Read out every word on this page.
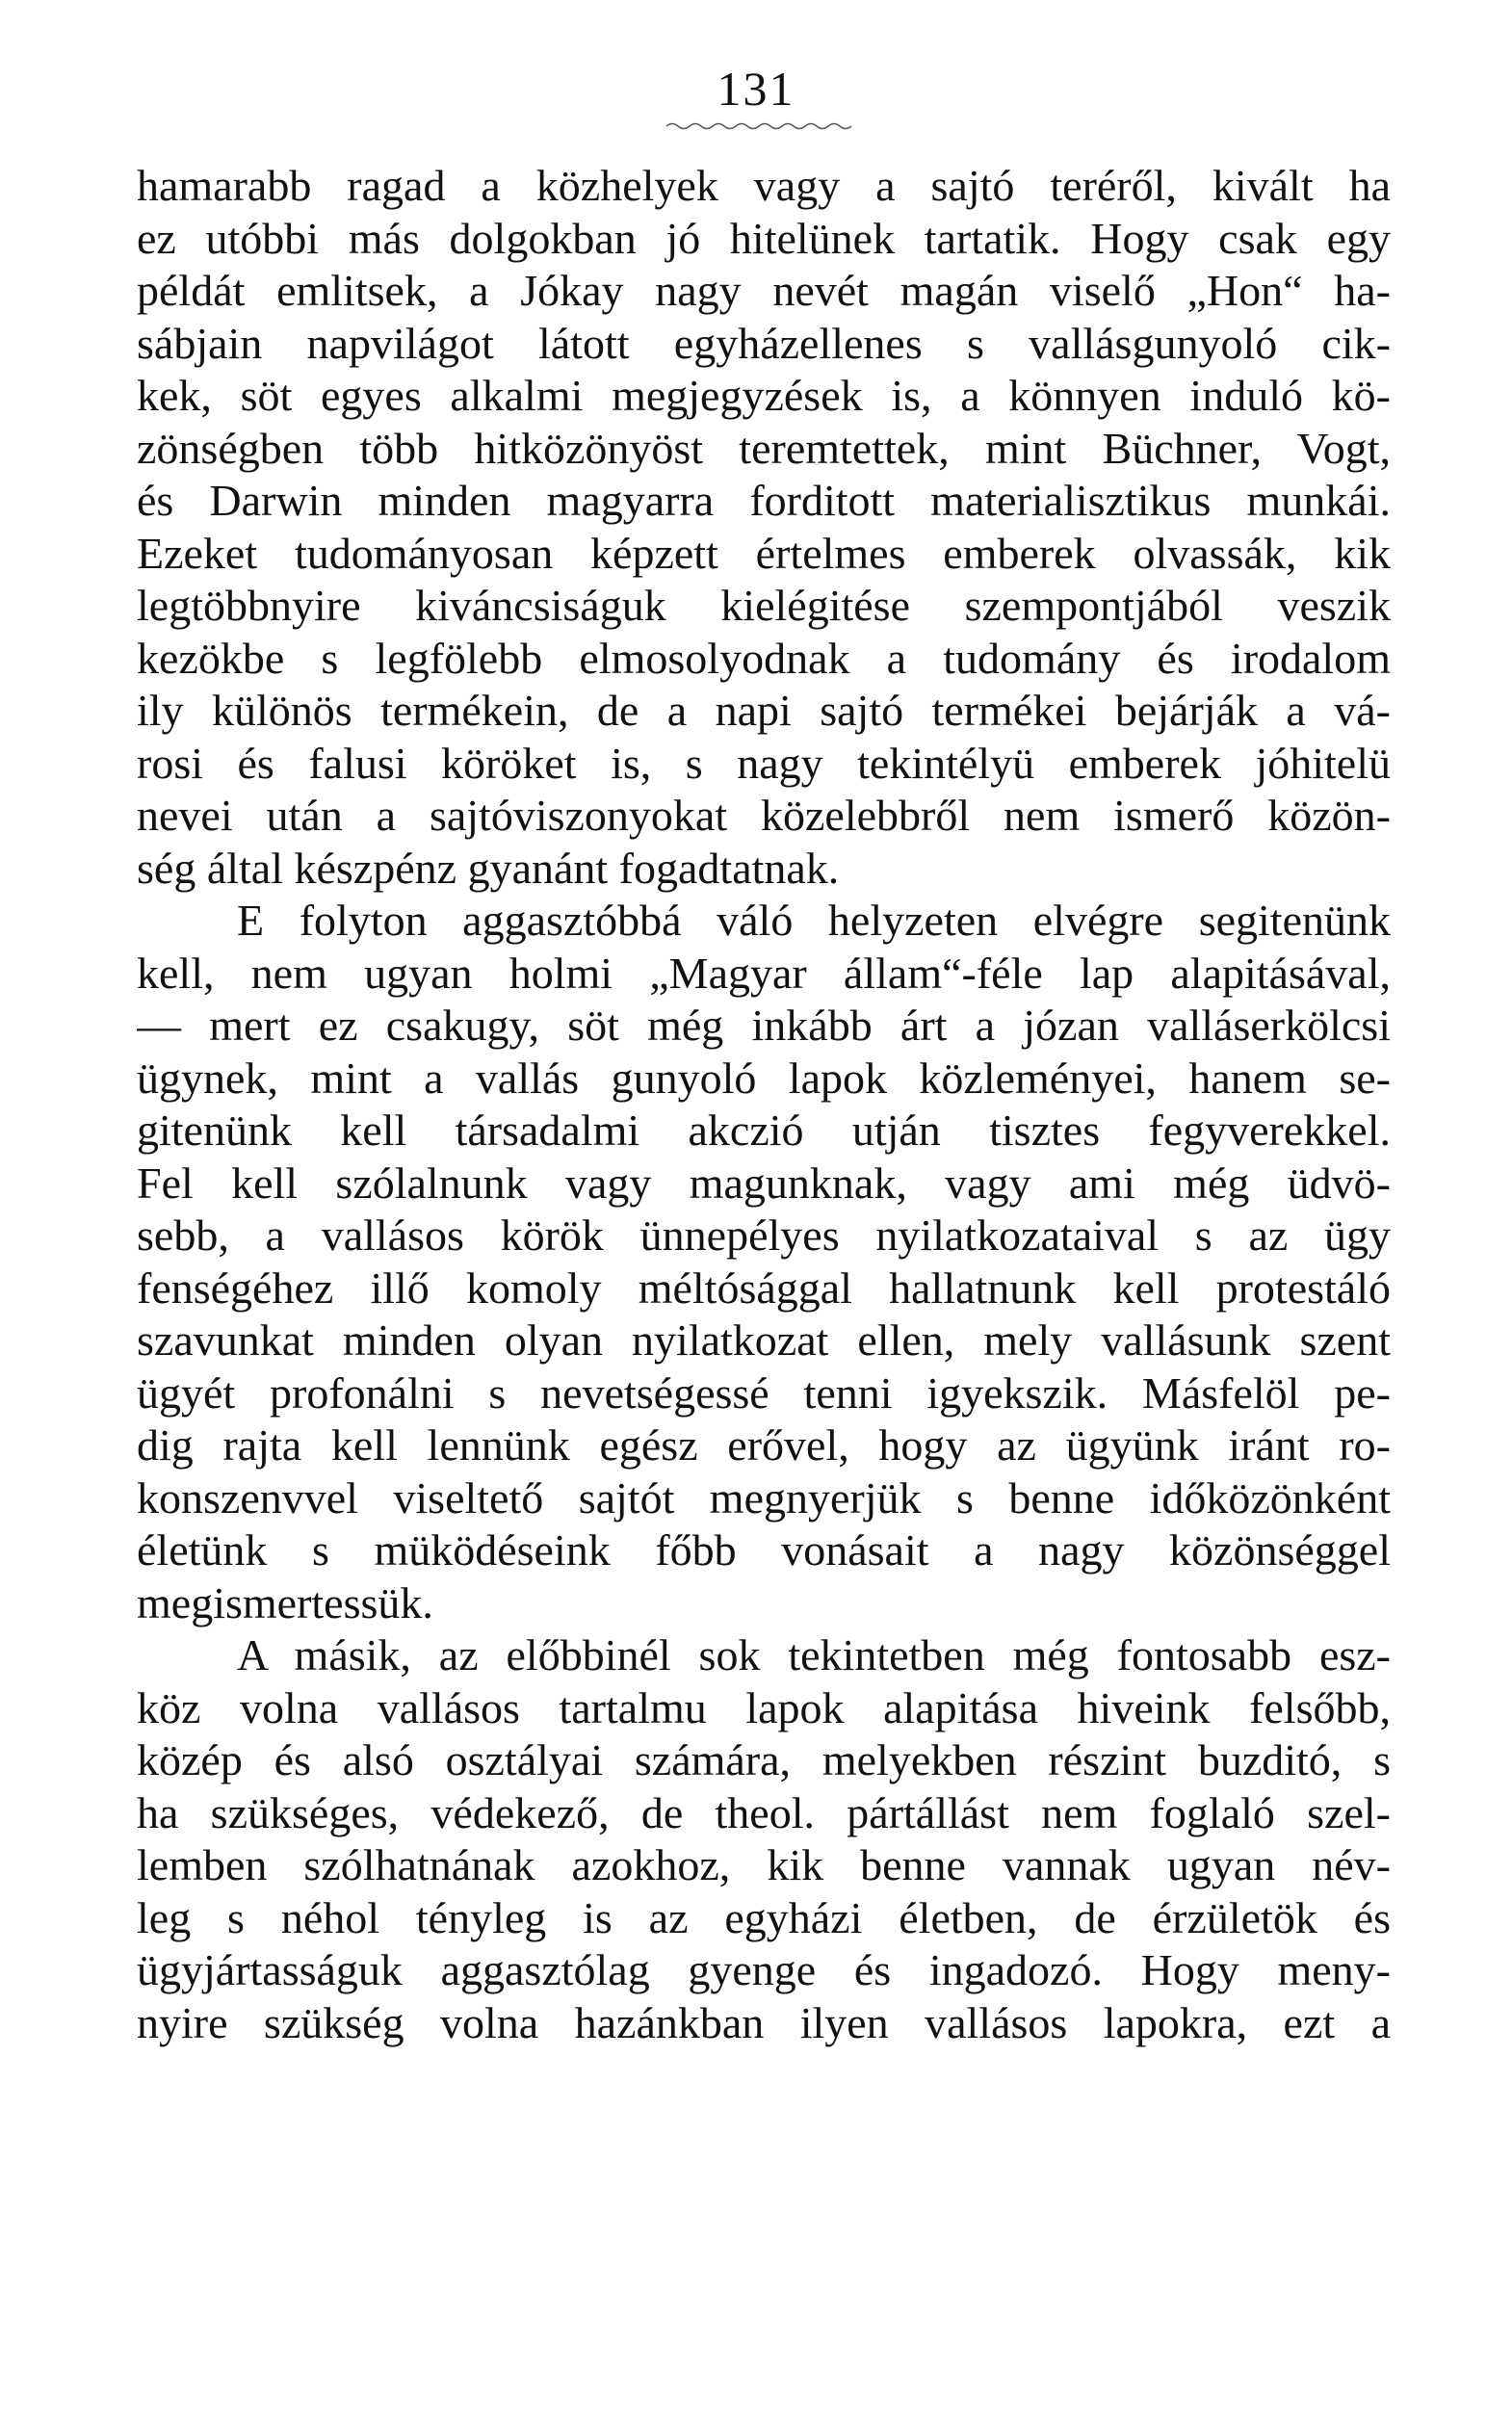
131
hamarabb ragad a közhelyek vagy a sajtó teréről, kivált ha
ez utóbbi más dolgokban jó hitelünek tartatik. Hogy csak egy
példát emlitsek, a Jókay nagy nevét magán viselő „Hon“ ha-
sábjain napvilágot látott egyházellenes s vallásgunyoló cik-
kek, söt egyes alkalmi megjegyzések is, a könnyen induló kö-
zönségben több hitközönyöst teremtettek, mint Büchner, Vogt,
és Darwin minden magyarra forditott materialisztikus munkái.
Ezeket tudományosan képzett értelmes emberek olvassák, kik
legtöbbnyire kiváncsiságuk kielégitése szempontjából veszik
kezökbe s legfölebb elmosolyodnak a tudomány és irodalom
ily különös termékein, de a napi sajtó termékei bejárják a vá-
rosi és falusi köröket is, s nagy tekintélyü emberek jóhitelü
nevei után a sajtóviszonyokat közelebbről nem ismerő közön-
ség által készpénz gyanánt fogadtatnak.
E folyton aggasztóbbá váló helyzeten elvégre segitenünk
kell, nem ugyan holmi „Magyar állam“-féle lap alapitásával,
— mert ez csakugy, söt még inkább árt a józan valláserkölcsi
ügynek, mint a vallás gunyoló lapok közleményei, hanem se-
gitenünk kell társadalmi akczió utján tisztes fegyverekkel.
Fel kell szólalnunk vagy magunknak, vagy ami még üdvö-
sebb, a vallásos körök ünnepélyes nyilatkozataival s az ügy
fenségéhez illő komoly méltósággal hallatnunk kell protestáló
szavunkat minden olyan nyilatkozat ellen, mely vallásunk szent
ügyét profonálni s nevetségessé tenni igyekszik. Másfelöl pe-
dig rajta kell lennünk egész erővel, hogy az ügyünk iránt ro-
konszenvvel viseltető sajtót megnyerjük s benne időközönként
életünk s müködéseink főbb vonásait a nagy közönséggel
megismertessük.
A másik, az előbbinél sok tekintetben még fontosabb esz-
köz volna vallásos tartalmu lapok alapitása hiveink felsőbb,
közép és alsó osztályai számára, melyekben részint buzditó, s
ha szükséges, védekező, de theol. pártállást nem foglaló szel-
lemben szólhatnának azokhoz, kik benne vannak ugyan név-
leg s néhol tényleg is az egyházi életben, de érzületök és
ügyjártasságuk aggasztólag gyenge és ingadozó. Hogy meny-
nyire szükség volna hazánkban ilyen vallásos lapokra, ezt a
